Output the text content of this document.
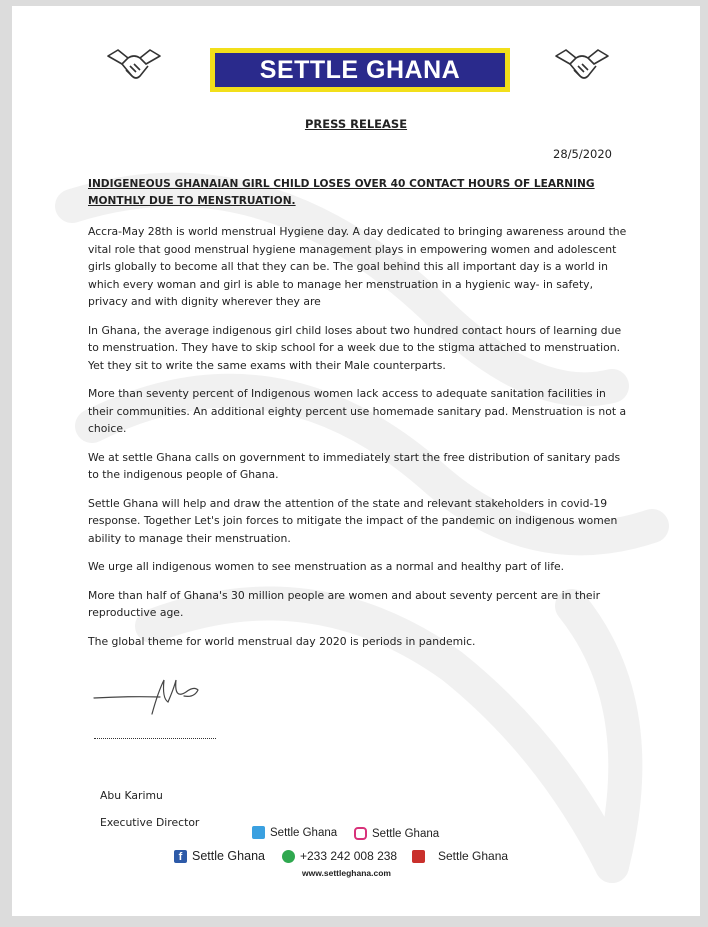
SETTLE GHANA
PRESS RELEASE
28/5/2020
INDIGENEOUS GHANAIAN GIRL CHILD LOSES OVER 40 CONTACT HOURS OF LEARNING MONTHLY DUE TO MENSTRUATION.

Accra-May 28th is world menstrual Hygiene day. A day dedicated to bringing awareness around the vital role that good menstrual hygiene management plays in empowering women and adolescent girls globally to become all that they can be. The goal behind this all important day is a world in which every woman and girl is able to manage her menstruation in a hygienic way- in safety, privacy and with dignity wherever they are

In Ghana, the average indigenous girl child loses about two hundred contact hours of learning due to menstruation. They have to skip school for a week due to the stigma attached to menstruation. Yet they sit to write the same exams with their Male counterparts.

More than seventy percent of Indigenous women lack access to adequate sanitation facilities in their communities. An additional eighty percent use homemade sanitary pad. Menstruation is not a choice.

We at settle Ghana calls on government to immediately start the free distribution of sanitary pads to the indigenous people of Ghana.

Settle Ghana will help and draw the attention of the state and relevant stakeholders in covid-19 response. Together Let's join forces to mitigate the impact of the pandemic on indigenous women ability to manage their menstruation.

We urge all indigenous women to see menstruation as a normal and healthy part of life.

More than half of Ghana's 30 million people are women and about seventy percent are in their reproductive age.

The global theme for world menstrual day 2020 is periods in pandemic.

Abu Karimu
Executive Director
Settle Ghana	Settle Ghana
f Settle Ghana	+233 242 008 238	Settle Ghana
www.settleghana.com
